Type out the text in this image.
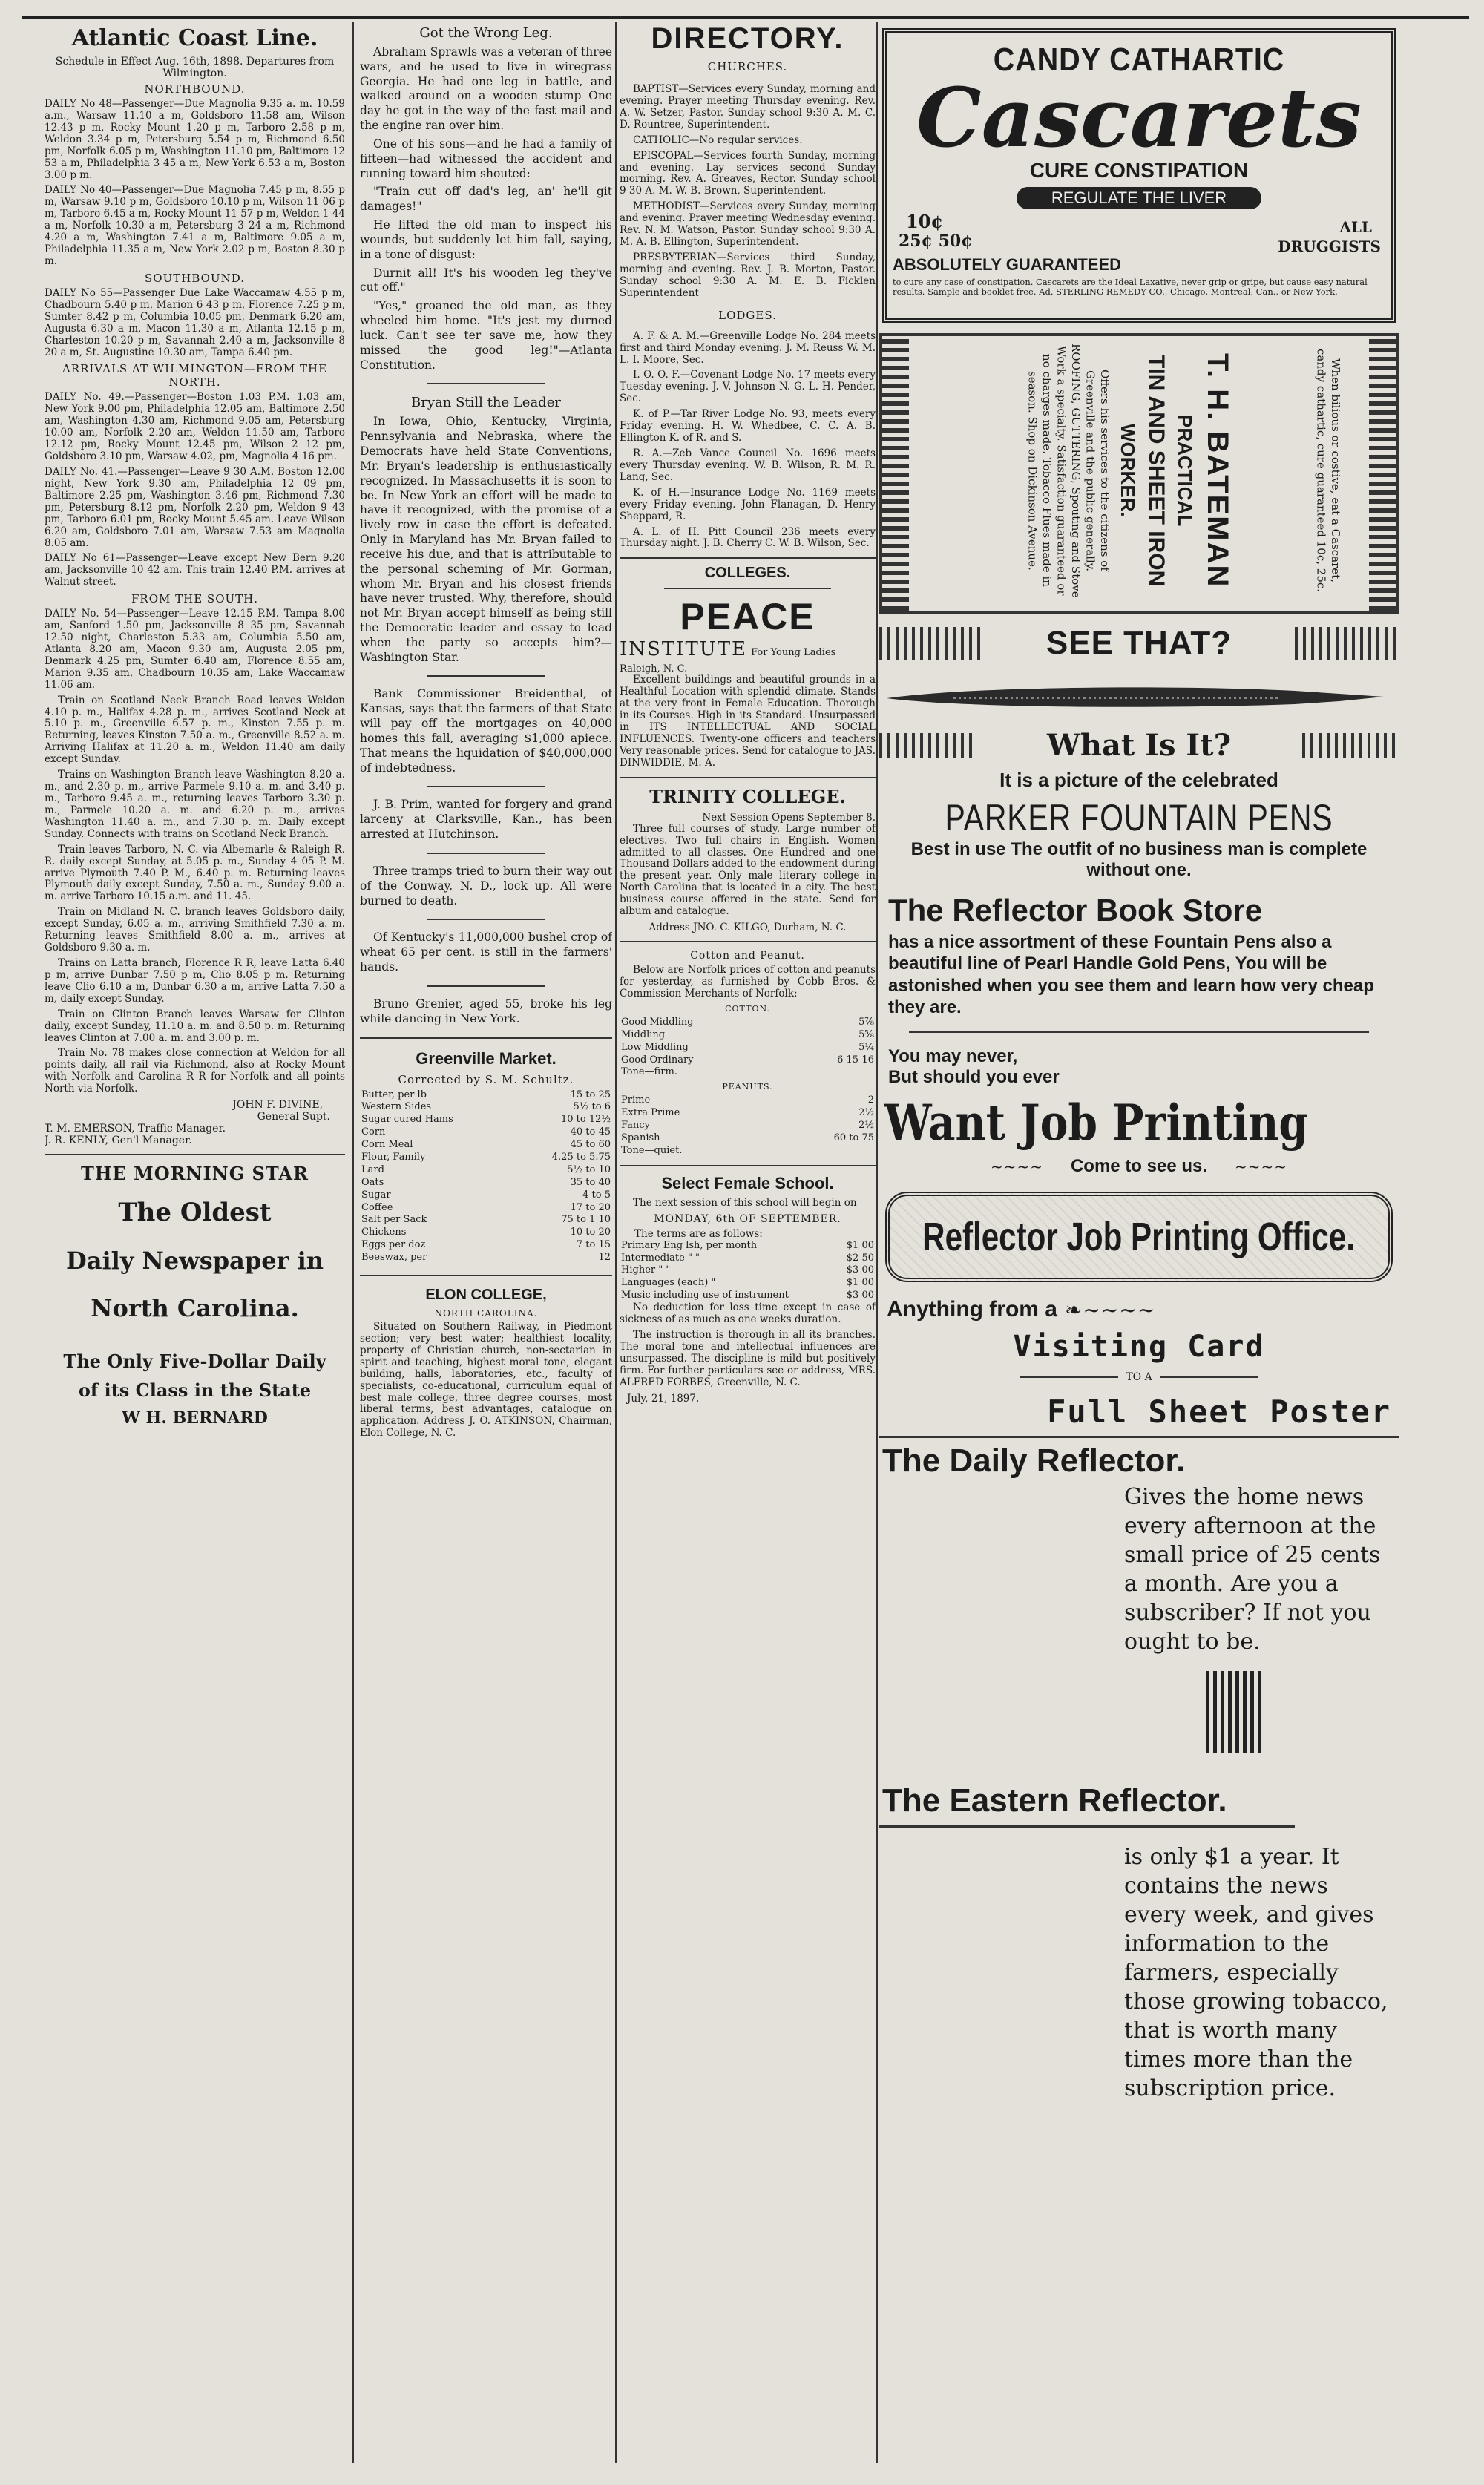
Atlantic Coast Line.
Schedule in Effect Aug. 16th, 1898. Departures from Wilmington.
NORTHBOUND.

DAILY No 48—Passenger—Due Magnolia 9.35 a. m. 10.59 a.m., Warsaw 11.10 a m, Goldsboro 11.58 am, Wilson 12.43 p m, Rocky Mount 1.20 p m, Tarboro 2.58 p m, Weldon 3.34 p m, Petersburg 5.54 p m, Richmond 6.50 pm, Norfolk 6.05 p m, Washington 11.10 pm, Baltimore 12 53 a m, Philadelphia 3 45 a m, New York 6.53 a m, Boston 3.00 p m.

DAILY No 40—Passenger—Due Magnolia 7.45 p m, 8.55 p m, Warsaw 9.10 p m, Goldsboro 10.10 p m, Wilson 11 06 p m, Tarboro 6.45 a m, Rocky Mount 11 57 p m, Weldon 1 44 a m, Norfolk 10.30 a m, Petersburg 3 24 a m, Richmond 4.20 a m, Washington 7.41 a m, Baltimore 9.05 a m, Philadelphia 11.35 a m, New York 2.02 p m, Boston 8.30 p m.

SOUTHBOUND.

DAILY No 55—Passenger Due Lake Waccamaw 4.55 p m, Chadbourn 5.40 p m, Marion 6 43 p m, Florence 7.25 p m, Sumter 8.42 p m, Columbia 10.05 pm, Denmark 6.20 am, Augusta 6.30 a m, Macon 11.30 a m, Atlanta 12.15 p m, Charleston 10.20 p m, Savannah 2.40 a m, Jacksonville 8 20 a m, St. Augustine 10.30 am, Tampa 6.40 pm.

ARRIVALS AT WILMINGTON—FROM THE NORTH.

DAILY No. 49.—Passenger—Boston 1.03 P.M. 1.03 am, New York 9.00 pm, Philadelphia 12.05 am, Baltimore 2.50 am, Washington 4.30 am, Richmond 9.05 am, Petersburg 10.00 am, Norfolk 2.20 am, Weldon 11.50 am, Tarboro 12.12 pm, Rocky Mount 12.45 pm, Wilson 2 12 pm, Goldsboro 3.10 pm, Warsaw 4.02, pm, Magnolia 4 16 pm.

DAILY No. 41.—Passenger—Leave 9 30 A.M. Boston 12.00 night, New York 9.30 am, Philadelphia 12 09 pm, Baltimore 2.25 pm, Washington 3.46 pm, Richmond 7.30 pm, Petersburg 8.12 pm, Norfolk 2.20 pm, Weldon 9 43 pm, Tarboro 6.01 pm, Rocky Mount 5.45 am. Leave Wilson 6.20 am, Goldsboro 7.01 am, Warsaw 7.53 am Magnolia 8.05 am.

DAILY No 61—Passenger—Leave except New Bern 9.20 am, Jacksonville 10 42 am. This train 12.40 P.M. arrives at Walnut street.

FROM THE SOUTH.

DAILY No. 54—Passenger—Leave 12.15 P.M. Tampa 8.00 am, Sanford 1.50 pm, Jacksonville 8 35 pm, Savannah 12.50 night, Charleston 5.33 am, Columbia 5.50 am, Atlanta 8.20 am, Macon 9.30 am, Augusta 2.05 pm, Denmark 4.25 pm, Sumter 6.40 am, Florence 8.55 am, Marion 9.35 am, Chadbourn 10.35 am, Lake Waccamaw 11.06 am.

Train on Scotland Neck Branch Road leaves Weldon 4.10 p. m., Halifax 4.28 p. m., arrives Scotland Neck at 5.10 p. m., Greenville 6.57 p. m., Kinston 7.55 p. m. Returning, leaves Kinston 7.50 a. m., Greenville 8.52 a. m. Arriving Halifax at 11.20 a. m., Weldon 11.40 am daily except Sunday.

Trains on Washington Branch leave Washington 8.20 a. m., and 2.30 p. m., arrive Parmele 9.10 a. m. and 3.40 p. m., Tarboro 9.45 a. m., returning leaves Tarboro 3.30 p. m., Parmele 10.20 a. m. and 6.20 p. m., arrives Washington 11.40 a. m., and 7.30 p. m. Daily except Sunday. Connects with trains on Scotland Neck Branch.

Train leaves Tarboro, N. C. via Albemarle & Raleigh R. R. daily except Sunday, at 5.05 p. m., Sunday 4 05 P. M. arrive Plymouth 7.40 P. M., 6.40 p. m. Returning leaves Plymouth daily except Sunday, 7.50 a. m., Sunday 9.00 a. m. arrive Tarboro 10.15 a.m. and 11. 45.

Train on Midland N. C. branch leaves Goldsboro daily, except Sunday, 6.05 a. m., arriving Smithfield 7.30 a. m. Returning leaves Smithfield 8.00 a. m., arrives at Goldsboro 9.30 a. m.

Trains on Latta branch, Florence R R, leave Latta 6.40 p m, arrive Dunbar 7.50 p m, Clio 8.05 p m. Returning leave Clio 6.10 a m, Dunbar 6.30 a m, arrive Latta 7.50 a m, daily except Sunday.

Train on Clinton Branch leaves Warsaw for Clinton daily, except Sunday, 11.10 a. m. and 8.50 p. m. Returning leaves Clinton at 7.00 a. m. and 3.00 p. m.

Train No. 78 makes close connection at Weldon for all points daily, all rail via Richmond, also at Rocky Mount with Norfolk and Carolina R R for Norfolk and all points North via Norfolk.

JOHN F. DIVINE,
General Supt.
T. M. EMERSON, Traffic Manager.
J. R. KENLY, Gen'l Manager.
THE MORNING STAR
The Oldest
Daily Newspaper in
North Carolina.
The Only Five-Dollar Daily
of its Class in the State
W H. BERNARD
Got the Wrong Leg.

Abraham Sprawls was a veteran of three wars, and he used to live in wiregrass Georgia. He had one leg in battle, and walked around on a wooden stump One day he got in the way of the fast mail and the engine ran over him.

One of his sons—and he had a family of fifteen—had witnessed the accident and running toward him shouted:

"Train cut off dad's leg, an' he'll git damages!"

He lifted the old man to inspect his wounds, but suddenly let him fall, saying, in a tone of disgust:

Durnit all! It's his wooden leg they've cut off."

"Yes," groaned the old man, as they wheeled him home. "It's jest my durned luck. Can't see ter save me, how they missed the good leg!"—Atlanta Constitution.

Bryan Still the Leader

In Iowa, Ohio, Kentucky, Virginia, Pennsylvania and Nebraska, where the Democrats have held State Conventions, Mr. Bryan's leadership is enthusiastically recognized. In Massachusetts it is soon to be. In New York an effort will be made to have it recognized, with the promise of a lively row in case the effort is defeated. Only in Maryland has Mr. Bryan failed to receive his due, and that is attributable to the personal scheming of Mr. Gorman, whom Mr. Bryan and his closest friends have never trusted. Why, therefore, should not Mr. Bryan accept himself as being still the Democratic leader and essay to lead when the party so accepts him?—Washington Star.

Bank Commissioner Breidenthal, of Kansas, says that the farmers of that State will pay off the mortgages on 40,000 homes this fall, averaging $1,000 apiece. That means the liquidation of $40,000,000 of indebtedness.

J. B. Prim, wanted for forgery and grand larceny at Clarksville, Kan., has been arrested at Hutchinson.

Three tramps tried to burn their way out of the Conway, N. D., lock up. All were burned to death.

Of Kentucky's 11,000,000 bushel crop of wheat 65 per cent. is still in the farmers' hands.

Bruno Grenier, aged 55, broke his leg while dancing in New York.

Greenville Market.
Corrected by S. M. Schultz.
Butter, per lb	15 to 25
Western Sides	5½ to 6
Sugar cured Hams	10 to 12½
Corn	40 to 45
Corn Meal	45 to 60
Flour, Family	4.25 to 5.75
Lard	5½ to 10
Oats	35 to 40
Sugar	4 to 5
Coffee	17 to 20
Salt per Sack	75 to 1 10
Chickens	10 to 20
Eggs per doz	7 to 15
Beeswax, per	12
ELON COLLEGE,
NORTH CAROLINA.

Situated on Southern Railway, in Piedmont section; very best water; healthiest locality, property of Christian church, non-sectarian in spirit and teaching, highest moral tone, elegant building, halls, laboratories, etc., faculty of specialists, co-educational, curriculum equal of best male college, three degree courses, most liberal terms, best advantages, catalogue on application. Address J. O. ATKINSON, Chairman, Elon College, N. C.

DIRECTORY.
CHURCHES.

BAPTIST—Services every Sunday, morning and evening. Prayer meeting Thursday evening. Rev. A. W. Setzer, Pastor. Sunday school 9:30 A. M. C. D. Rountree, Superintendent.

CATHOLIC—No regular services.

EPISCOPAL—Services fourth Sunday, morning and evening. Lay services second Sunday morning. Rev. A. Greaves, Rector. Sunday school 9 30 A. M. W. B. Brown, Superintendent.

METHODIST—Services every Sunday, morning and evening. Prayer meeting Wednesday evening. Rev. N. M. Watson, Pastor. Sunday school 9:30 A. M. A. B. Ellington, Superintendent.

PRESBYTERIAN—Services third Sunday, morning and evening. Rev. J. B. Morton, Pastor. Sunday school 9:30 A. M. E. B. Ficklen Superintendent

LODGES.

A. F. & A. M.—Greenville Lodge No. 284 meets first and third Monday evening. J. M. Reuss W. M. L. I. Moore, Sec.

I. O. O. F.—Covenant Lodge No. 17 meets every Tuesday evening. J. V. Johnson N. G. L. H. Pender, Sec.

K. of P.—Tar River Lodge No. 93, meets every Friday evening. H. W. Whedbee, C. C. A. B. Ellington K. of R. and S.

R. A.—Zeb Vance Council No. 1696 meets every Thursday evening. W. B. Wilson, R. M. R. Lang, Sec.

K. of H.—Insurance Lodge No. 1169 meets every Friday evening. John Flanagan, D. Henry Sheppard, R.

A. L. of H. Pitt Council 236 meets every Thursday night. J. B. Cherry C. W. B. Wilson, Sec.

COLLEGES.
PEACE
INSTITUTE For Young Ladies Raleigh, N. C.

Excellent buildings and beautiful grounds in a Healthful Location with splendid climate. Stands at the very front in Female Education. Thorough in its Courses. High in its Standard. Unsurpassed in ITS INTELLECTUAL AND SOCIAL INFLUENCES. Twenty-one officers and teachers Very reasonable prices. Send for catalogue to JAS. DINWIDDIE, M. A.

TRINITY COLLEGE.
Next Session Opens September 8.

Three full courses of study. Large number of electives. Two full chairs in English. Women admitted to all classes. One Hundred and one Thousand Dollars added to the endowment during the present year. Only male literary college in North Carolina that is located in a city. The best business course offered in the state. Send for album and catalogue.

Address JNO. C. KILGO, Durham, N. C.
Cotton and Peanut.

Below are Norfolk prices of cotton and peanuts for yesterday, as furnished by Cobb Bros. & Commission Merchants of Norfolk:

COTTON.
Good Middling	5⅞
Middling	5⅝
Low Middling	5¼
Good Ordinary	6 15-16
Tone—firm.	
PEANUTS.
Prime	2
Extra Prime	2½
Fancy	2½
Spanish	60 to 75
Tone—quiet.	
Select Female School.

The next session of this school will begin on

MONDAY, 6th OF SEPTEMBER.
The terms are as follows:
Primary Eng lsh, per month	$1 00
Intermediate " "	$2 50
Higher " "	$3 00
Languages (each) "	$1 00
Music including use of instrument	$3 00

No deduction for loss time except in case of sickness of as much as one weeks duration.

The instruction is thorough in all its branches. The moral tone and intellectual influences are unsurpassed. The discipline is mild but positively firm. For further particulars see or address, MRS. ALFRED FORBES, Greenville, N. C.

July, 21, 1897.
CANDY CATHARTIC
Cascarets
CURE CONSTIPATION
REGULATE THE LIVER
10¢
25¢ 50¢
ALL
DRUGGISTS
ABSOLUTELY GUARANTEED
to cure any case of constipation. Cascarets are the Ideal Laxative, never grip or gripe, but cause easy natural results. Sample and booklet free. Ad. STERLING REMEDY CO., Chicago, Montreal, Can., or New York.
When bilious or costive, eat a Cascaret, candy cathartic, cure guaranteed 10c, 25c.
T. H. BATEMAN
PRACTICAL
TIN AND SHEET IRON
WORKER.
Offers his services to the citizens of Greenville and the public generally. ROOFING, GUTTERING, Spouting and Stove Work a specialty. Satisfaction guaranteed or no charges made. Tobacco Flues made in season. Shop on Dickinson Avenue.
SEE THAT?
What Is It?
It is a picture of the celebrated
PARKER FOUNTAIN PENS
Best in use The outfit of no business man is complete without one.
The Reflector Book Store
has a nice assortment of these Fountain Pens also a beautiful line of Pearl Handle Gold Pens, You will be astonished when you see them and learn how very cheap they are.
You may never,
But should you ever
Want Job Printing
~~~~ Come to see us. ~~~~
Reflector Job Printing Office.
Anything from a ❧~~~~
Visiting Card
TO A
Full Sheet Poster
The Daily Reflector.
Gives the home news every afternoon at the small price of 25 cents a month. Are you a subscriber? If not you ought to be.
The Eastern Reflector.
is only $1 a year. It contains the news every week, and gives information to the farmers, especially those growing tobacco, that is worth many times more than the subscription price.
